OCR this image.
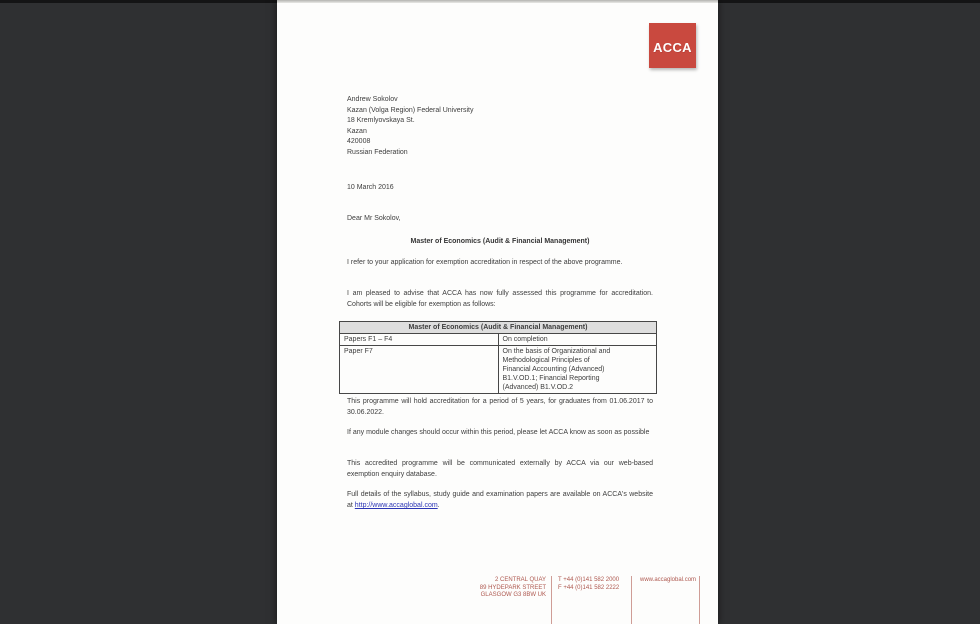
ACCA
Andrew Sokolov
Kazan (Volga Region) Federal University
18 Kremlyovskaya St.
Kazan
420008
Russian Federation
10 March 2016
Dear Mr Sokolov,
Master of Economics (Audit & Financial Management)
I refer to your application for exemption accreditation in respect of the above programme.
I am pleased to advise that ACCA has now fully assessed this programme for accreditation. Cohorts will be eligible for exemption as follows:
Master of Economics (Audit & Financial Management)	
Papers F1 – F4	On completion
Paper F7	On the basis of Organizational and Methodological Principles of Financial Accounting (Advanced) B1.V.OD.1; Financial Reporting (Advanced) B1.V.OD.2
This programme will hold accreditation for a period of 5 years, for graduates from 01.06.2017 to 30.06.2022.
If any module changes should occur within this period, please let ACCA know as soon as possible
This accredited programme will be communicated externally by ACCA via our web-based exemption enquiry database.
Full details of the syllabus, study guide and examination papers are available on ACCA's website at http://www.accaglobal.com.
2 CENTRAL QUAY
89 HYDEPARK STREET
GLASGOW G3 8BW UK
T +44 (0)141 582 2000
F +44 (0)141 582 2222
www.accaglobal.com
